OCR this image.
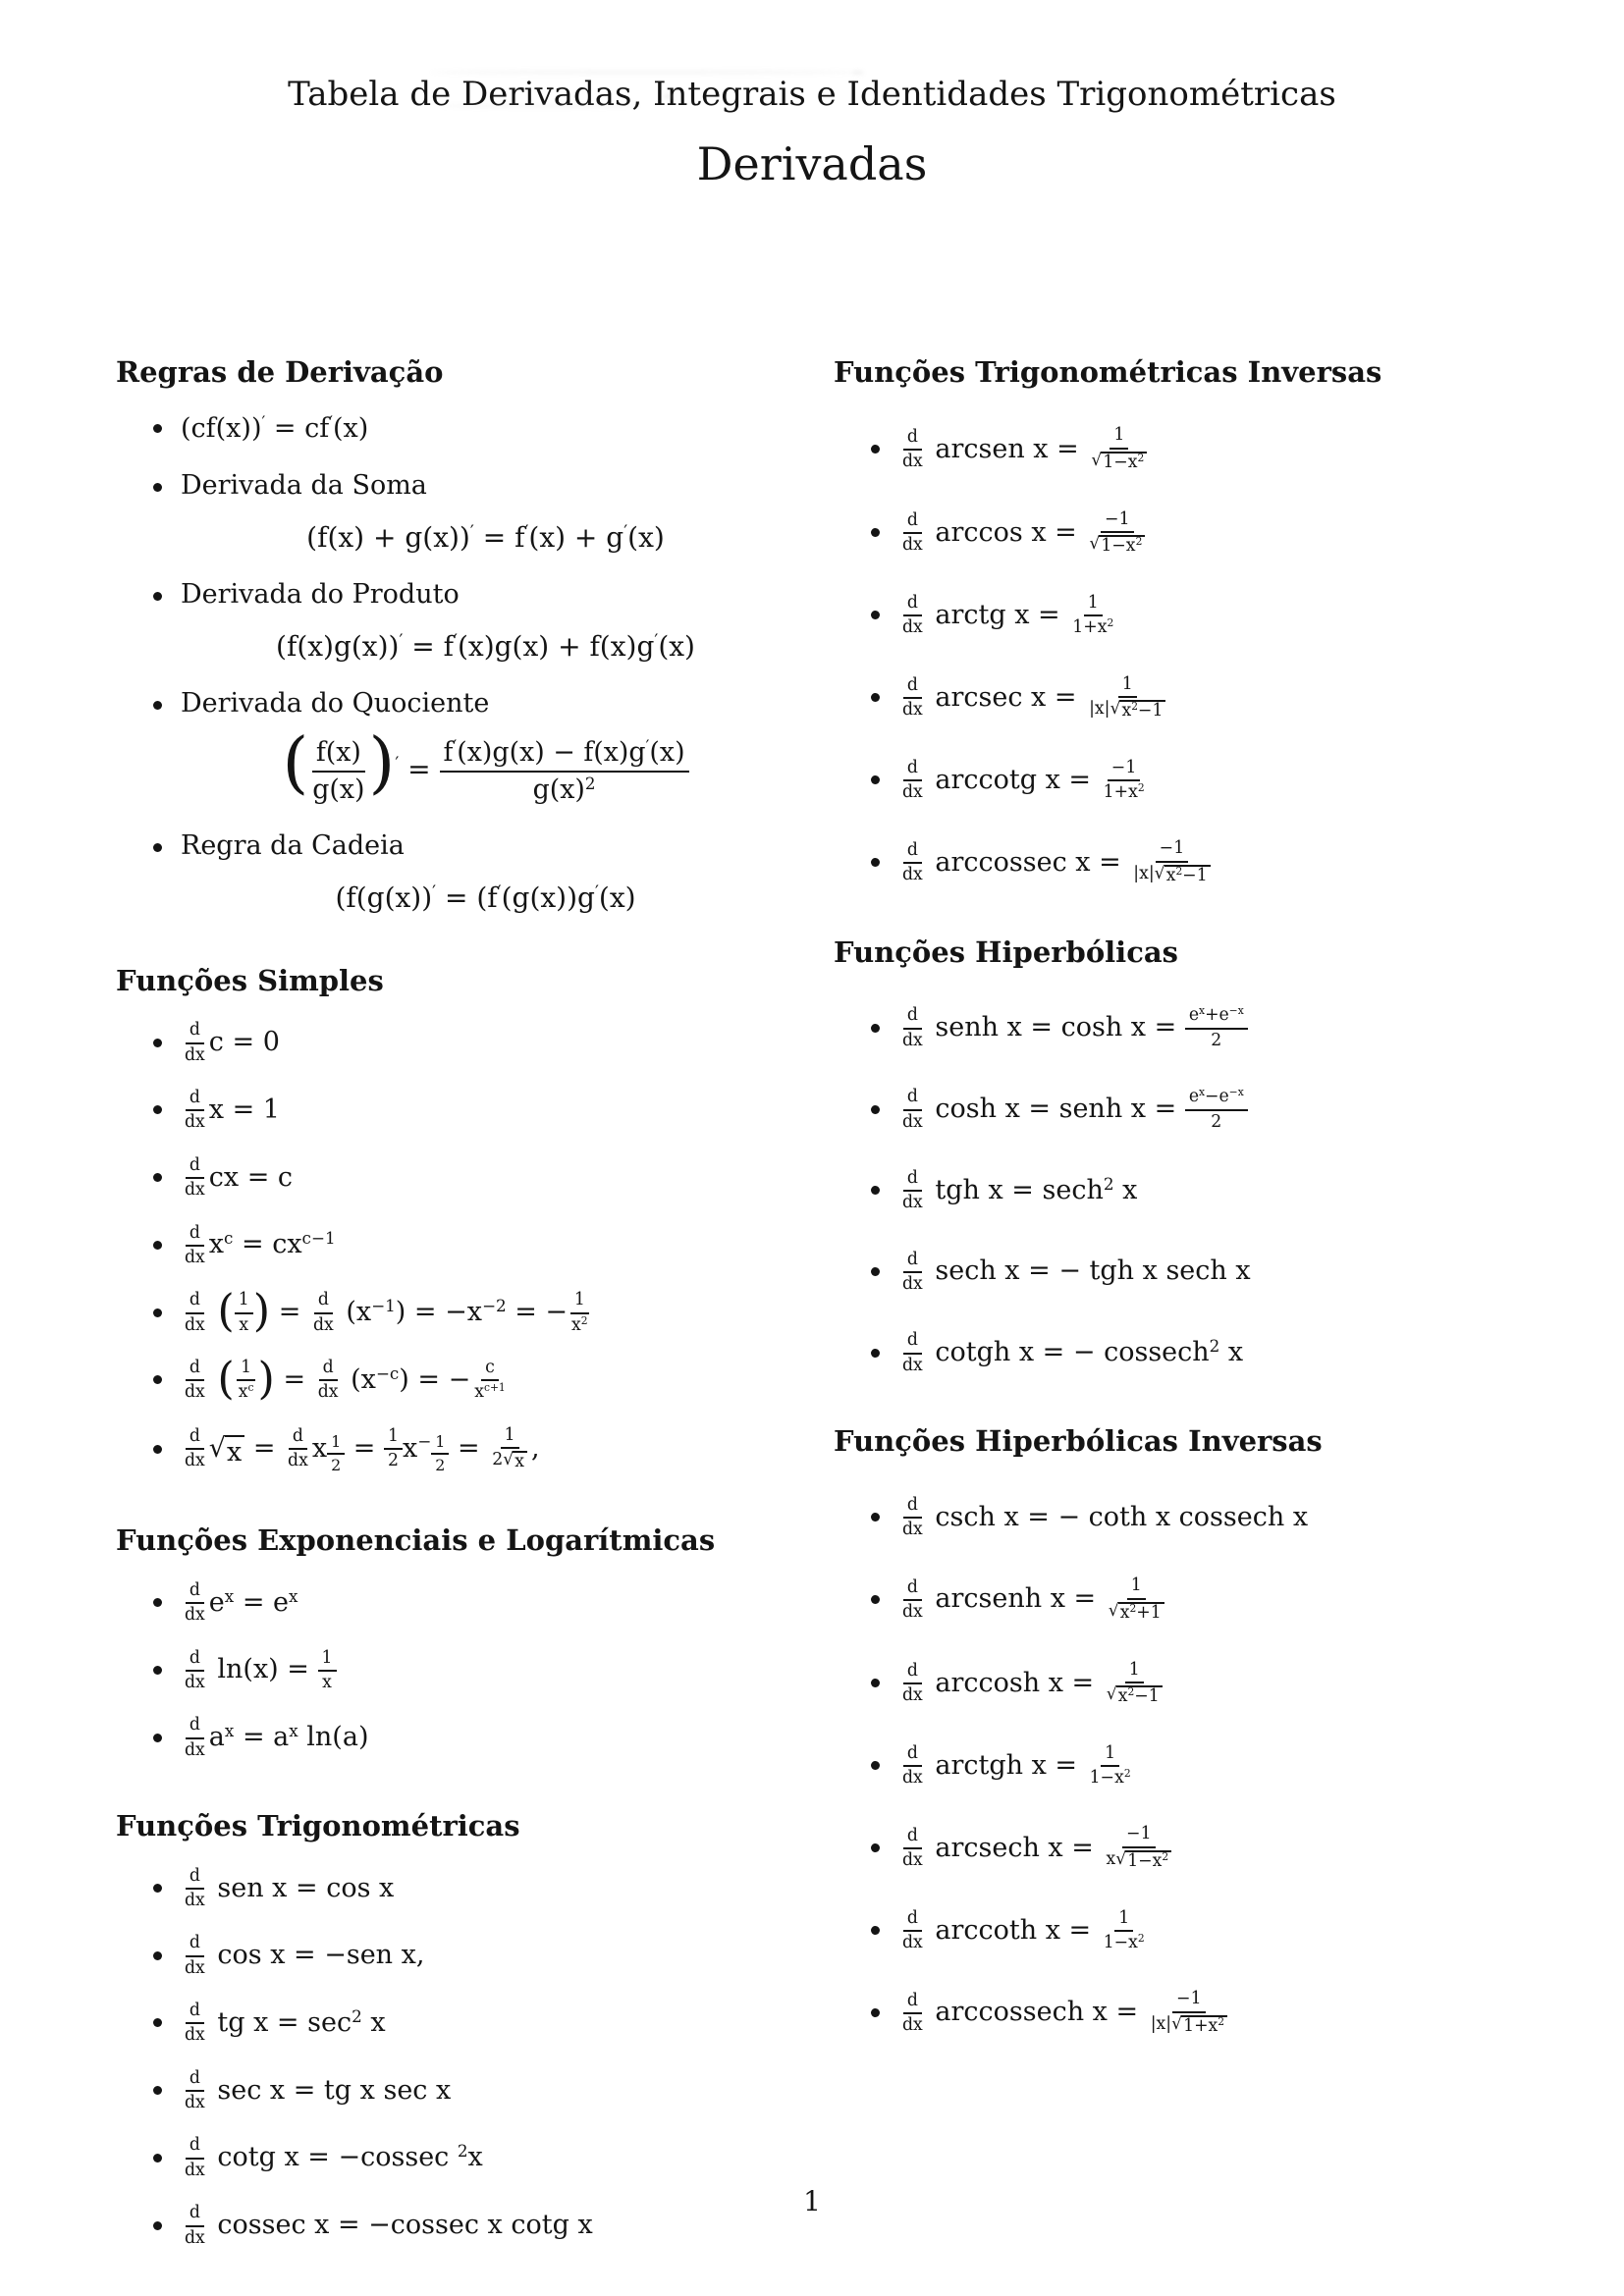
Tabela de Derivadas, Integrais e Identidades Trigonométricas
Derivadas
Regras de Derivação
(cf(x))′ = cf′(x)
Derivada da Soma
(f(x) + g(x))′ = f′(x) + g′(x)
Derivada do Produto
(f(x)g(x))′ = f′(x)g(x) + f(x)g′(x)
Derivada do Quociente
( $\frac{f(x)}{g(x)} )' = \frac{f'(x)g(x) - f(x)g'(x)}{g(x)^2}$
Regra da Cadeia
(f(g(x))′ = (f′(g(x))g′(x)
Funções Simples
$\frac{d}{dx}$ c = 0
$\frac{d}{dx}$ x = 1
$\frac{d}{dx}$ cx = c
$\frac{d}{dx} x^c = cx^{c-1}$
$\frac{d}{dx}$ ( $\frac{1}{x}$ ) = $\frac{d}{dx} (x^{-1}) = -x^{-2}$ = − $\frac{1}{x^2}$
$\frac{d}{dx}$ ( $\frac{1}{x^c}$ ) = $\frac{d}{dx} (x^{-c})$ = − $\frac{c}{x^{c+1}}$
$\frac{d}{dx}$ √ $x = \frac{d}{dx}$ x $^{\frac{1}{2}} = \frac{1}{2} x^{- \frac{1}{2}} = \frac{1}{2 √ x}$ ,
Funções Exponenciais e Logarítmicas
$\frac{d}{dx} e^x = e^x$
$\frac{d}{dx} \ln(x) = \frac{1}{x}$
$\frac{d}{dx} a^x = a^x$ ln(a)
Funções Trigonométricas
$\frac{d}{dx}$ sen x = cos x
$\frac{d}{dx}$ cos x = −sen x,
$\frac{d}{dx}$ tg $x = \sec^2 x$
$\frac{d}{dx}$ sec x = tg x sec x
$\frac{d}{dx}$ cotg x = −cossec $^2$x
$\frac{d}{dx}$ cossec x = −cossec x cotg x
Funções Trigonométricas Inversas
$\frac{d}{dx}$ arcsen $x = \frac{1}{√ 1-x^2}$
$\frac{d}{dx}$ $\arccos x = \frac{-1}{√ 1-x^2}$
$\frac{d}{dx}$ arctg $x = \frac{1}{1+x^2}$
$\frac{d}{dx}$ arcsec $x = \frac{1}{|x| √ x^2-1}$
$\frac{d}{dx}$ arccotg $x = \frac{-1}{1+x^2}$
$\frac{d}{dx}$ arccossec $x = \frac{-1}{|x| √ x^2-1}$
Funções Hiperbólicas
$\frac{d}{dx}$ senh $x = \cosh x = \frac{e^x+e^{-x}}{2}$
$\frac{d}{dx}$ cosh x = senh $x = \frac{e^x-e^{-x}}{2}$
$\frac{d}{dx}$ tgh x = sech$^2$ x
$\frac{d}{dx}$ sech x = − tgh x sech x
$\frac{d}{dx}$ cotgh x = − cossech$^2$ x
Funções Hiperbólicas Inversas
$\frac{d}{dx}$ csch x = − coth x cossech x
$\frac{d}{dx}$ arcsenh $x = \frac{1}{√ x^2+1}$
$\frac{d}{dx}$ arccosh $x = \frac{1}{√ x^2-1}$
$\frac{d}{dx}$ arctgh $x = \frac{1}{1-x^2}$
$\frac{d}{dx}$ arcsech $x = \frac{-1}{x √ 1-x^2}$
$\frac{d}{dx}$ arccoth $x = \frac{1}{1-x^2}$
$\frac{d}{dx}$ arccossech $x = \frac{-1}{|x| √ 1+x^2}$
1
